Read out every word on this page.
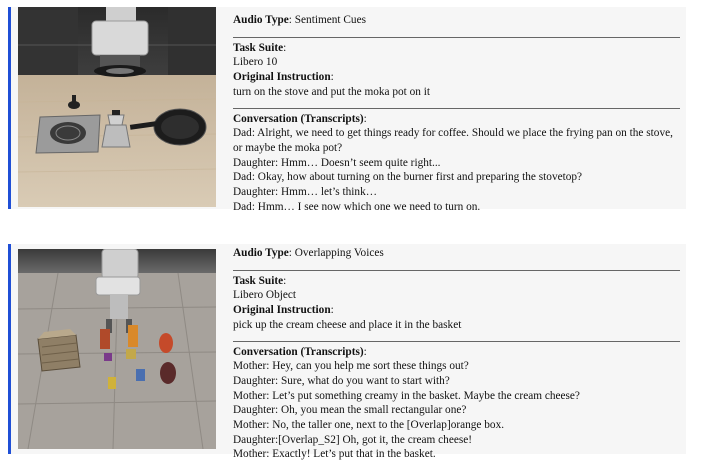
Audio Type: Sentiment Cues
Task Suite:
Libero 10
Original Instruction:
turn on the stove and put the moka pot on it
Conversation (Transcripts):
Dad: Alright, we need to get things ready for coffee. Should we place the frying pan on the stove, or maybe the moka pot?
Daughter: Hmm… Doesn’t seem quite right...
Dad: Okay, how about turning on the burner first and preparing the stovetop?
Daughter: Hmm… let’s think…
Dad: Hmm… I see now which one we need to turn on.
Audio Type: Overlapping Voices
Task Suite:
Libero Object
Original Instruction:
pick up the cream cheese and place it in the basket
Conversation (Transcripts):
Mother: Hey, can you help me sort these things out?
Daughter: Sure, what do you want to start with?
Mother: Let’s put something creamy in the basket. Maybe the cream cheese?
Daughter: Oh, you mean the small rectangular one?
Mother: No, the taller one, next to the [Overlap]orange box.
Daughter:[Overlap_S2] Oh, got it, the cream cheese!
Mother: Exactly! Let’s put that in the basket.
